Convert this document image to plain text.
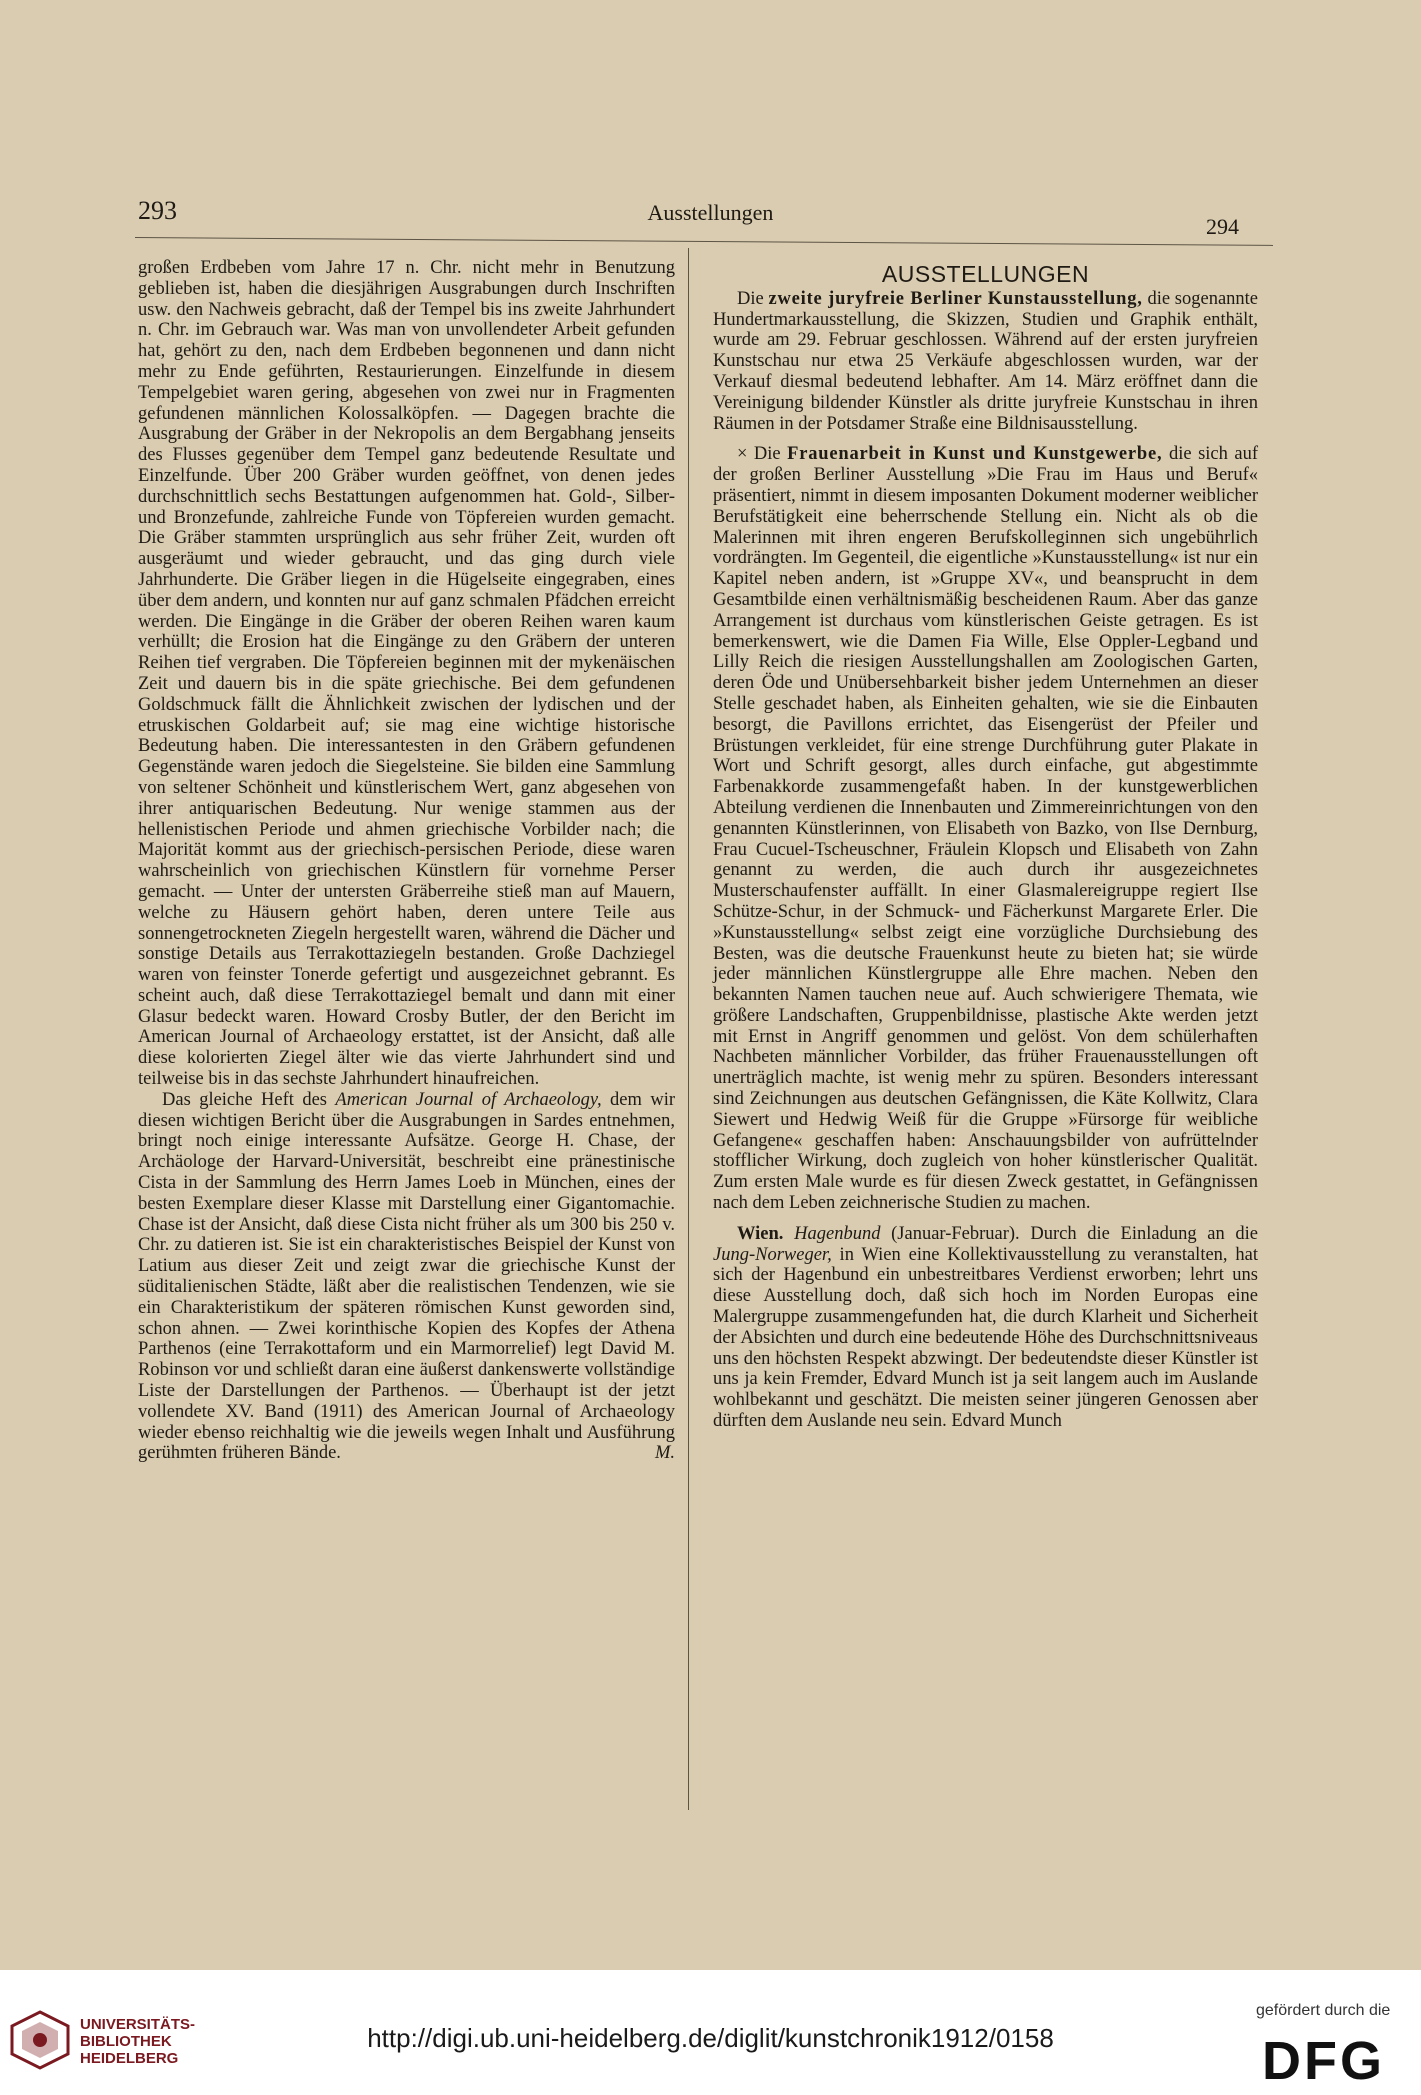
293	Ausstellungen
294

großen Erdbeben vom Jahre 17 n. Chr. nicht mehr in Benutzung geblieben ist, haben die diesjährigen Ausgrabungen durch Inschriften usw. den Nachweis gebracht, daß der Tempel bis ins zweite Jahrhundert n. Chr. im Gebrauch war. Was man von unvollendeter Arbeit gefunden hat, gehört zu den, nach dem Erdbeben begonnenen und dann nicht mehr zu Ende geführten, Restaurierungen. Einzelfunde in diesem Tempelgebiet waren gering, abgesehen von zwei nur in Fragmenten gefundenen männlichen Kolossalköpfen. — Dagegen brachte die Ausgrabung der Gräber in der Nekropolis an dem Bergabhang jenseits des Flusses gegenüber dem Tempel ganz bedeutende Resultate und Einzelfunde. Über 200 Gräber wurden geöffnet, von denen jedes durchschnittlich sechs Bestattungen aufgenommen hat. Gold-, Silber- und Bronzefunde, zahlreiche Funde von Töpfereien wurden gemacht. Die Gräber stammten ursprünglich aus sehr früher Zeit, wurden oft ausgeräumt und wieder gebraucht, und das ging durch viele Jahrhunderte. Die Gräber liegen in die Hügelseite eingegraben, eines über dem andern, und konnten nur auf ganz schmalen Pfädchen erreicht werden. Die Eingänge in die Gräber der oberen Reihen waren kaum verhüllt; die Erosion hat die Eingänge zu den Gräbern der unteren Reihen tief vergraben. Die Töpfereien beginnen mit der mykenäischen Zeit und dauern bis in die späte griechische. Bei dem gefundenen Goldschmuck fällt die Ähnlichkeit zwischen der lydischen und der etruskischen Goldarbeit auf; sie mag eine wichtige historische Bedeutung haben. Die interessantesten in den Gräbern gefundenen Gegenstände waren jedoch die Siegelsteine. Sie bilden eine Sammlung von seltener Schönheit und künstlerischem Wert, ganz abgesehen von ihrer antiquarischen Bedeutung. Nur wenige stammen aus der hellenistischen Periode und ahmen griechische Vorbilder nach; die Majorität kommt aus der griechisch-persischen Periode, diese waren wahrscheinlich von griechischen Künstlern für vornehme Perser gemacht. — Unter der untersten Gräberreihe stieß man auf Mauern, welche zu Häusern gehört haben, deren untere Teile aus sonnengetrockneten Ziegeln hergestellt waren, während die Dächer und sonstige Details aus Terrakottaziegeln bestanden. Große Dachziegel waren von feinster Tonerde gefertigt und ausgezeichnet gebrannt. Es scheint auch, daß diese Terrakottaziegel bemalt und dann mit einer Glasur bedeckt waren. Howard Crosby Butler, der den Bericht im American Journal of Archaeology erstattet, ist der Ansicht, daß alle diese kolorierten Ziegel älter wie das vierte Jahrhundert sind und teilweise bis in das sechste Jahrhundert hinaufreichen.

Das gleiche Heft des American Journal of Archaeology, dem wir diesen wichtigen Bericht über die Ausgrabungen in Sardes entnehmen, bringt noch einige interessante Aufsätze. George H. Chase, der Archäologe der Harvard-Universität, beschreibt eine pränestinische Cista in der Sammlung des Herrn James Loeb in München, eines der besten Exemplare dieser Klasse mit Darstellung einer Gigantomachie. Chase ist der Ansicht, daß diese Cista nicht früher als um 300 bis 250 v. Chr. zu datieren ist. Sie ist ein charakteristisches Beispiel der Kunst von Latium aus dieser Zeit und zeigt zwar die griechische Kunst der süditalienischen Städte, läßt aber die realistischen Tendenzen, wie sie ein Charakteristikum der späteren römischen Kunst geworden sind, schon ahnen. — Zwei korinthische Kopien des Kopfes der Athena Parthenos (eine Terrakottaform und ein Marmorrelief) legt David M. Robinson vor und schließt daran eine äußerst dankenswerte vollständige Liste der Darstellungen der Parthenos. — Überhaupt ist der jetzt vollendete XV. Band (1911) des American Journal of Archaeology wieder ebenso reichhaltig wie die jeweils wegen Inhalt und Ausführung gerühmten früheren Bände.	M.

AUSSTELLUNGEN

Die zweite juryfreie Berliner Kunstausstellung, die sogenannte Hundertmarkausstellung, die Skizzen, Studien und Graphik enthält, wurde am 29. Februar geschlossen. Während auf der ersten juryfreien Kunstschau nur etwa 25 Verkäufe abgeschlossen wurden, war der Verkauf diesmal bedeutend lebhafter. Am 14. März eröffnet dann die Vereinigung bildender Künstler als dritte juryfreie Kunstschau in ihren Räumen in der Potsdamer Straße eine Bildnisausstellung.

× Die Frauenarbeit in Kunst und Kunstgewerbe, die sich auf der großen Berliner Ausstellung »Die Frau im Haus und Beruf« präsentiert, nimmt in diesem imposanten Dokument moderner weiblicher Berufstätigkeit eine beherrschende Stellung ein. Nicht als ob die Malerinnen mit ihren engeren Berufskolleginnen sich ungebührlich vordrängten. Im Gegenteil, die eigentliche »Kunstausstellung« ist nur ein Kapitel neben andern, ist »Gruppe XV«, und beansprucht in dem Gesamtbilde einen verhältnismäßig bescheidenen Raum. Aber das ganze Arrangement ist durchaus vom künstlerischen Geiste getragen. Es ist bemerkenswert, wie die Damen Fia Wille, Else Oppler-Legband und Lilly Reich die riesigen Ausstellungshallen am Zoologischen Garten, deren Öde und Unübersehbarkeit bisher jedem Unternehmen an dieser Stelle geschadet haben, als Einheiten gehalten, wie sie die Einbauten besorgt, die Pavillons errichtet, das Eisengerüst der Pfeiler und Brüstungen verkleidet, für eine strenge Durchführung guter Plakate in Wort und Schrift gesorgt, alles durch einfache, gut abgestimmte Farbenakkorde zusammengefaßt haben. In der kunstgewerblichen Abteilung verdienen die Innenbauten und Zimmereinrichtungen von den genannten Künstlerinnen, von Elisabeth von Bazko, von Ilse Dernburg, Frau Cucuel-Tscheuschner, Fräulein Klopsch und Elisabeth von Zahn genannt zu werden, die auch durch ihr ausgezeichnetes Musterschaufenster auffällt. In einer Glasmalereigruppe regiert Ilse Schütze-Schur, in der Schmuck- und Fächerkunst Margarete Erler. Die »Kunstausstellung« selbst zeigt eine vorzügliche Durchsiebung des Besten, was die deutsche Frauenkunst heute zu bieten hat; sie würde jeder männlichen Künstlergruppe alle Ehre machen. Neben den bekannten Namen tauchen neue auf. Auch schwierigere Themata, wie größere Landschaften, Gruppenbildnisse, plastische Akte werden jetzt mit Ernst in Angriff genommen und gelöst. Von dem schülerhaften Nachbeten männlicher Vorbilder, das früher Frauenausstellungen oft unerträglich machte, ist wenig mehr zu spüren. Besonders interessant sind Zeichnungen aus deutschen Gefängnissen, die Käte Kollwitz, Clara Siewert und Hedwig Weiß für die Gruppe »Fürsorge für weibliche Gefangene« geschaffen haben: Anschauungsbilder von aufrüttelnder stofflicher Wirkung, doch zugleich von hoher künstlerischer Qualität. Zum ersten Male wurde es für diesen Zweck gestattet, in Gefängnissen nach dem Leben zeichnerische Studien zu machen.

Wien. Hagenbund (Januar-Februar). Durch die Einladung an die Jung-Norweger, in Wien eine Kollektivausstellung zu veranstalten, hat sich der Hagenbund ein unbestreitbares Verdienst erworben; lehrt uns diese Ausstellung doch, daß sich hoch im Norden Europas eine Malergruppe zusammengefunden hat, die durch Klarheit und Sicherheit der Absichten und durch eine bedeutende Höhe des Durchschnittsniveaus uns den höchsten Respekt abzwingt. Der bedeutendste dieser Künstler ist uns ja kein Fremder, Edvard Munch ist ja seit langem auch im Auslande wohlbekannt und geschätzt. Die meisten seiner jüngeren Genossen aber dürften dem Auslande neu sein. Edvard Munch

UNIVERSITÄTS-
BIBLIOTHEK
HEIDELBERG
http://digi.ub.uni-heidelberg.de/diglit/kunstchronik1912/0158
gefördert durch die
DFG
